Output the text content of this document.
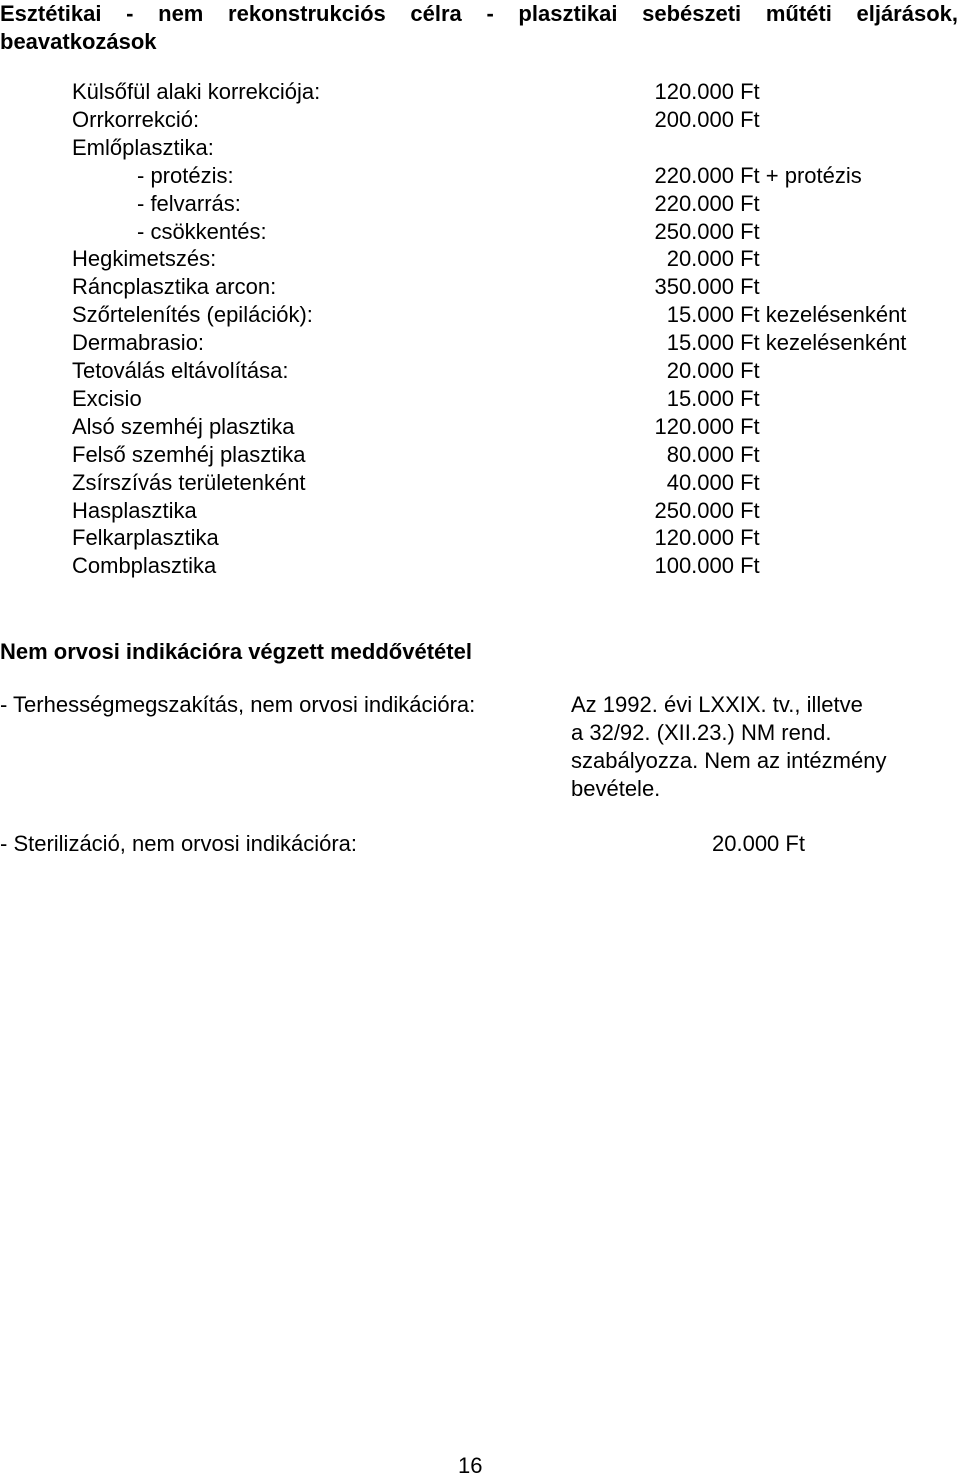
Esztétikai - nem rekonstrukciós célra - plasztikai sebészeti műtéti eljárások,
beavatkozások
Külsőfül alaki korrekciója:	120.000 Ft
Orrkorrekció:	200.000 Ft
Emlőplasztika:
- protézis:	220.000 Ft + protézis
- felvarrás:	220.000 Ft
- csökkentés:	250.000 Ft
Hegkimetszés:	20.000 Ft
Ráncplasztika arcon:	350.000 Ft
Szőrtelenítés (epilációk):	15.000 Ft kezelésenként
Dermabrasio:	15.000 Ft kezelésenként
Tetoválás eltávolítása:	20.000 Ft
Excisio	15.000 Ft
Alsó szemhéj plasztika	120.000 Ft
Felső szemhéj plasztika	80.000 Ft
Zsírszívás területenként	40.000 Ft
Hasplasztika	250.000 Ft
Felkarplasztika	120.000 Ft
Combplasztika	100.000 Ft
Nem orvosi indikációra végzett meddővététel
- Terhességmegszakítás, nem orvosi indikációra:	Az 1992. évi LXXIX. tv., illetve
a 32/92. (XII.23.) NM rend.
szabályozza. Nem az intézmény
bevétele.
- Sterilizáció, nem orvosi indikációra:	20.000 Ft
16
